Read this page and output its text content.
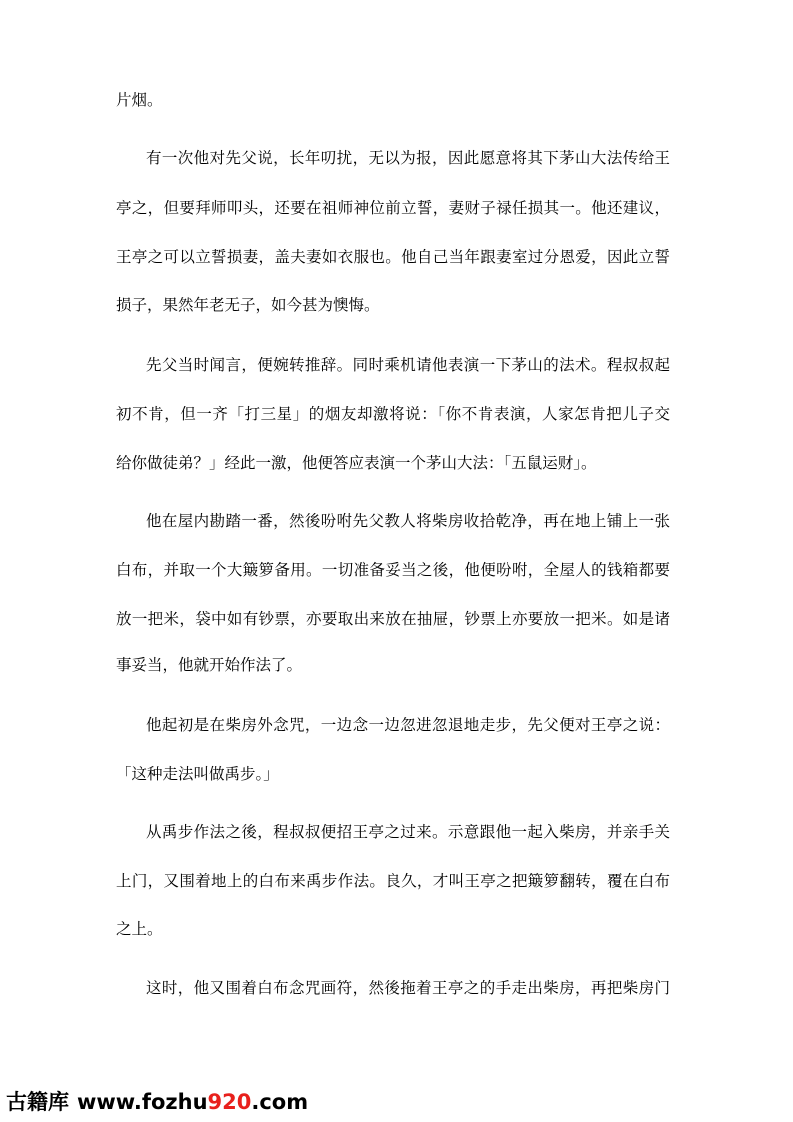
片烟。
有一次他对先父说，长年叨扰，无以为报，因此愿意将其下茅山大法传给王
亭之，但要拜师叩头，还要在祖师神位前立誓，妻财子禄任损其一。他还建议，
王亭之可以立誓损妻，盖夫妻如衣服也。他自己当年跟妻室过分恩爱，因此立誓
损子，果然年老无子，如今甚为懊悔。
先父当时闻言，便婉转推辞。同时乘机请他表演一下茅山的法术。程叔叔起
初不肯，但一齐「打三星」的烟友却激将说：「你不肯表演，人家怎肯把儿子交
给你做徒弟？」经此一激，他便答应表演一个茅山大法：「五鼠运财」。
他在屋内勘踏一番，然後吩咐先父教人将柴房收拾乾净，再在地上铺上一张
白布，并取一个大簸箩备用。一切准备妥当之後，他便吩咐，全屋人的钱箱都要
放一把米，袋中如有钞票，亦要取出来放在抽屉，钞票上亦要放一把米。如是诸
事妥当，他就开始作法了。
他起初是在柴房外念咒，一边念一边忽进忽退地走步，先父便对王亭之说：
「这种走法叫做禹步。」
从禹步作法之後，程叔叔便招王亭之过来。示意跟他一起入柴房，并亲手关
上门，又围着地上的白布来禹步作法。良久，才叫王亭之把簸箩翻转，覆在白布
之上。
这时，他又围着白布念咒画符，然後拖着王亭之的手走出柴房，再把柴房门
古籍库 www.fozhu920.com
